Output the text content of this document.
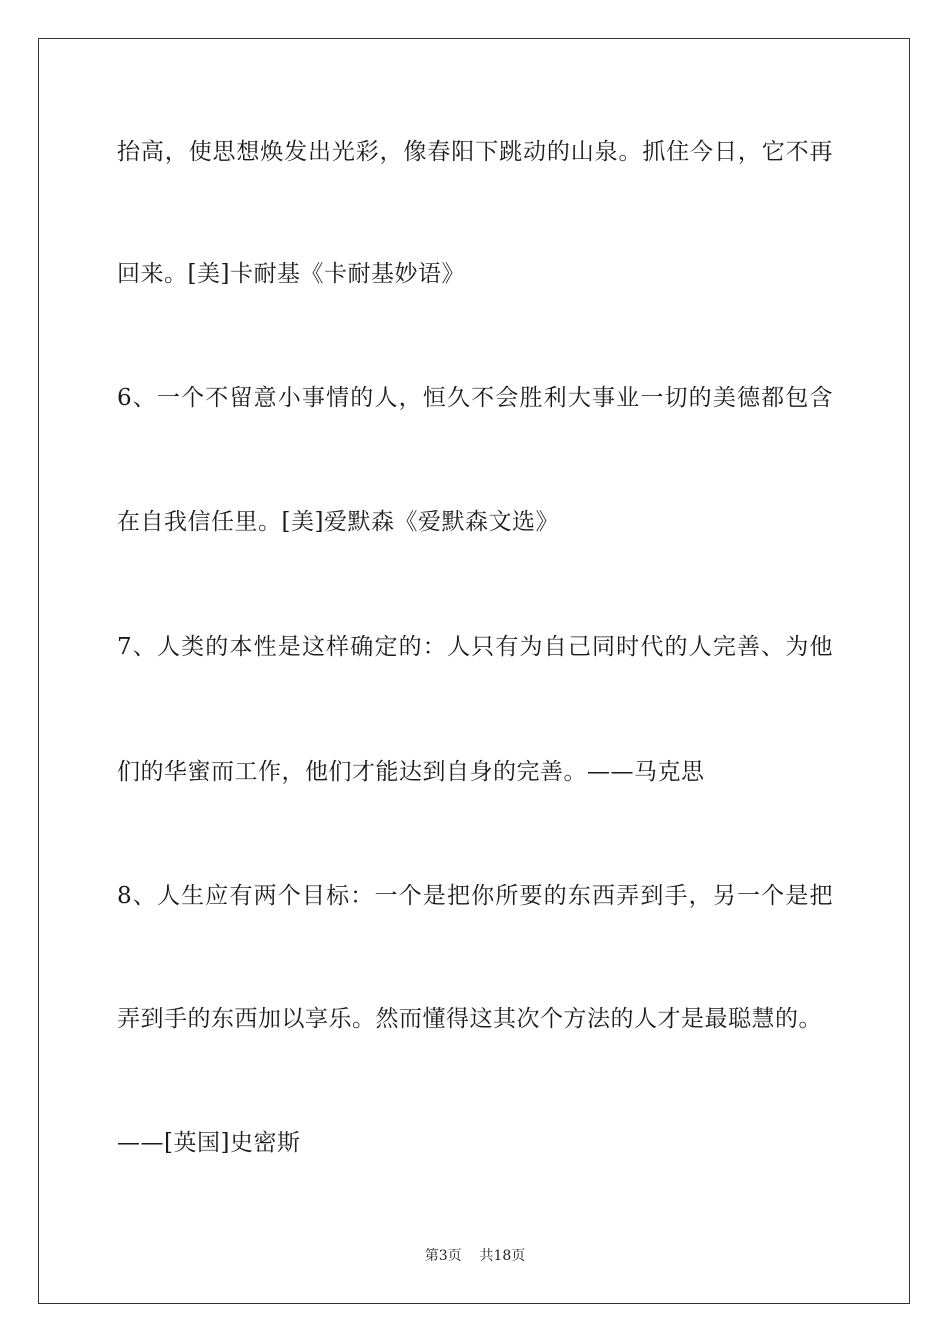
抬高，使思想焕发出光彩，像春阳下跳动的山泉。抓住今日，它不再
回来。[美]卡耐基《卡耐基妙语》
6、一个不留意小事情的人，恒久不会胜利大事业一切的美德都包含
在自我信任里。[美]爱默森《爱默森文选》
7、人类的本性是这样确定的：人只有为自己同时代的人完善、为他
们的华蜜而工作，他们才能达到自身的完善。——马克思
8、人生应有两个目标：一个是把你所要的东西弄到手，另一个是把
弄到手的东西加以享乐。然而懂得这其次个方法的人才是最聪慧的。
——[英国]史密斯
第3页 共18页
